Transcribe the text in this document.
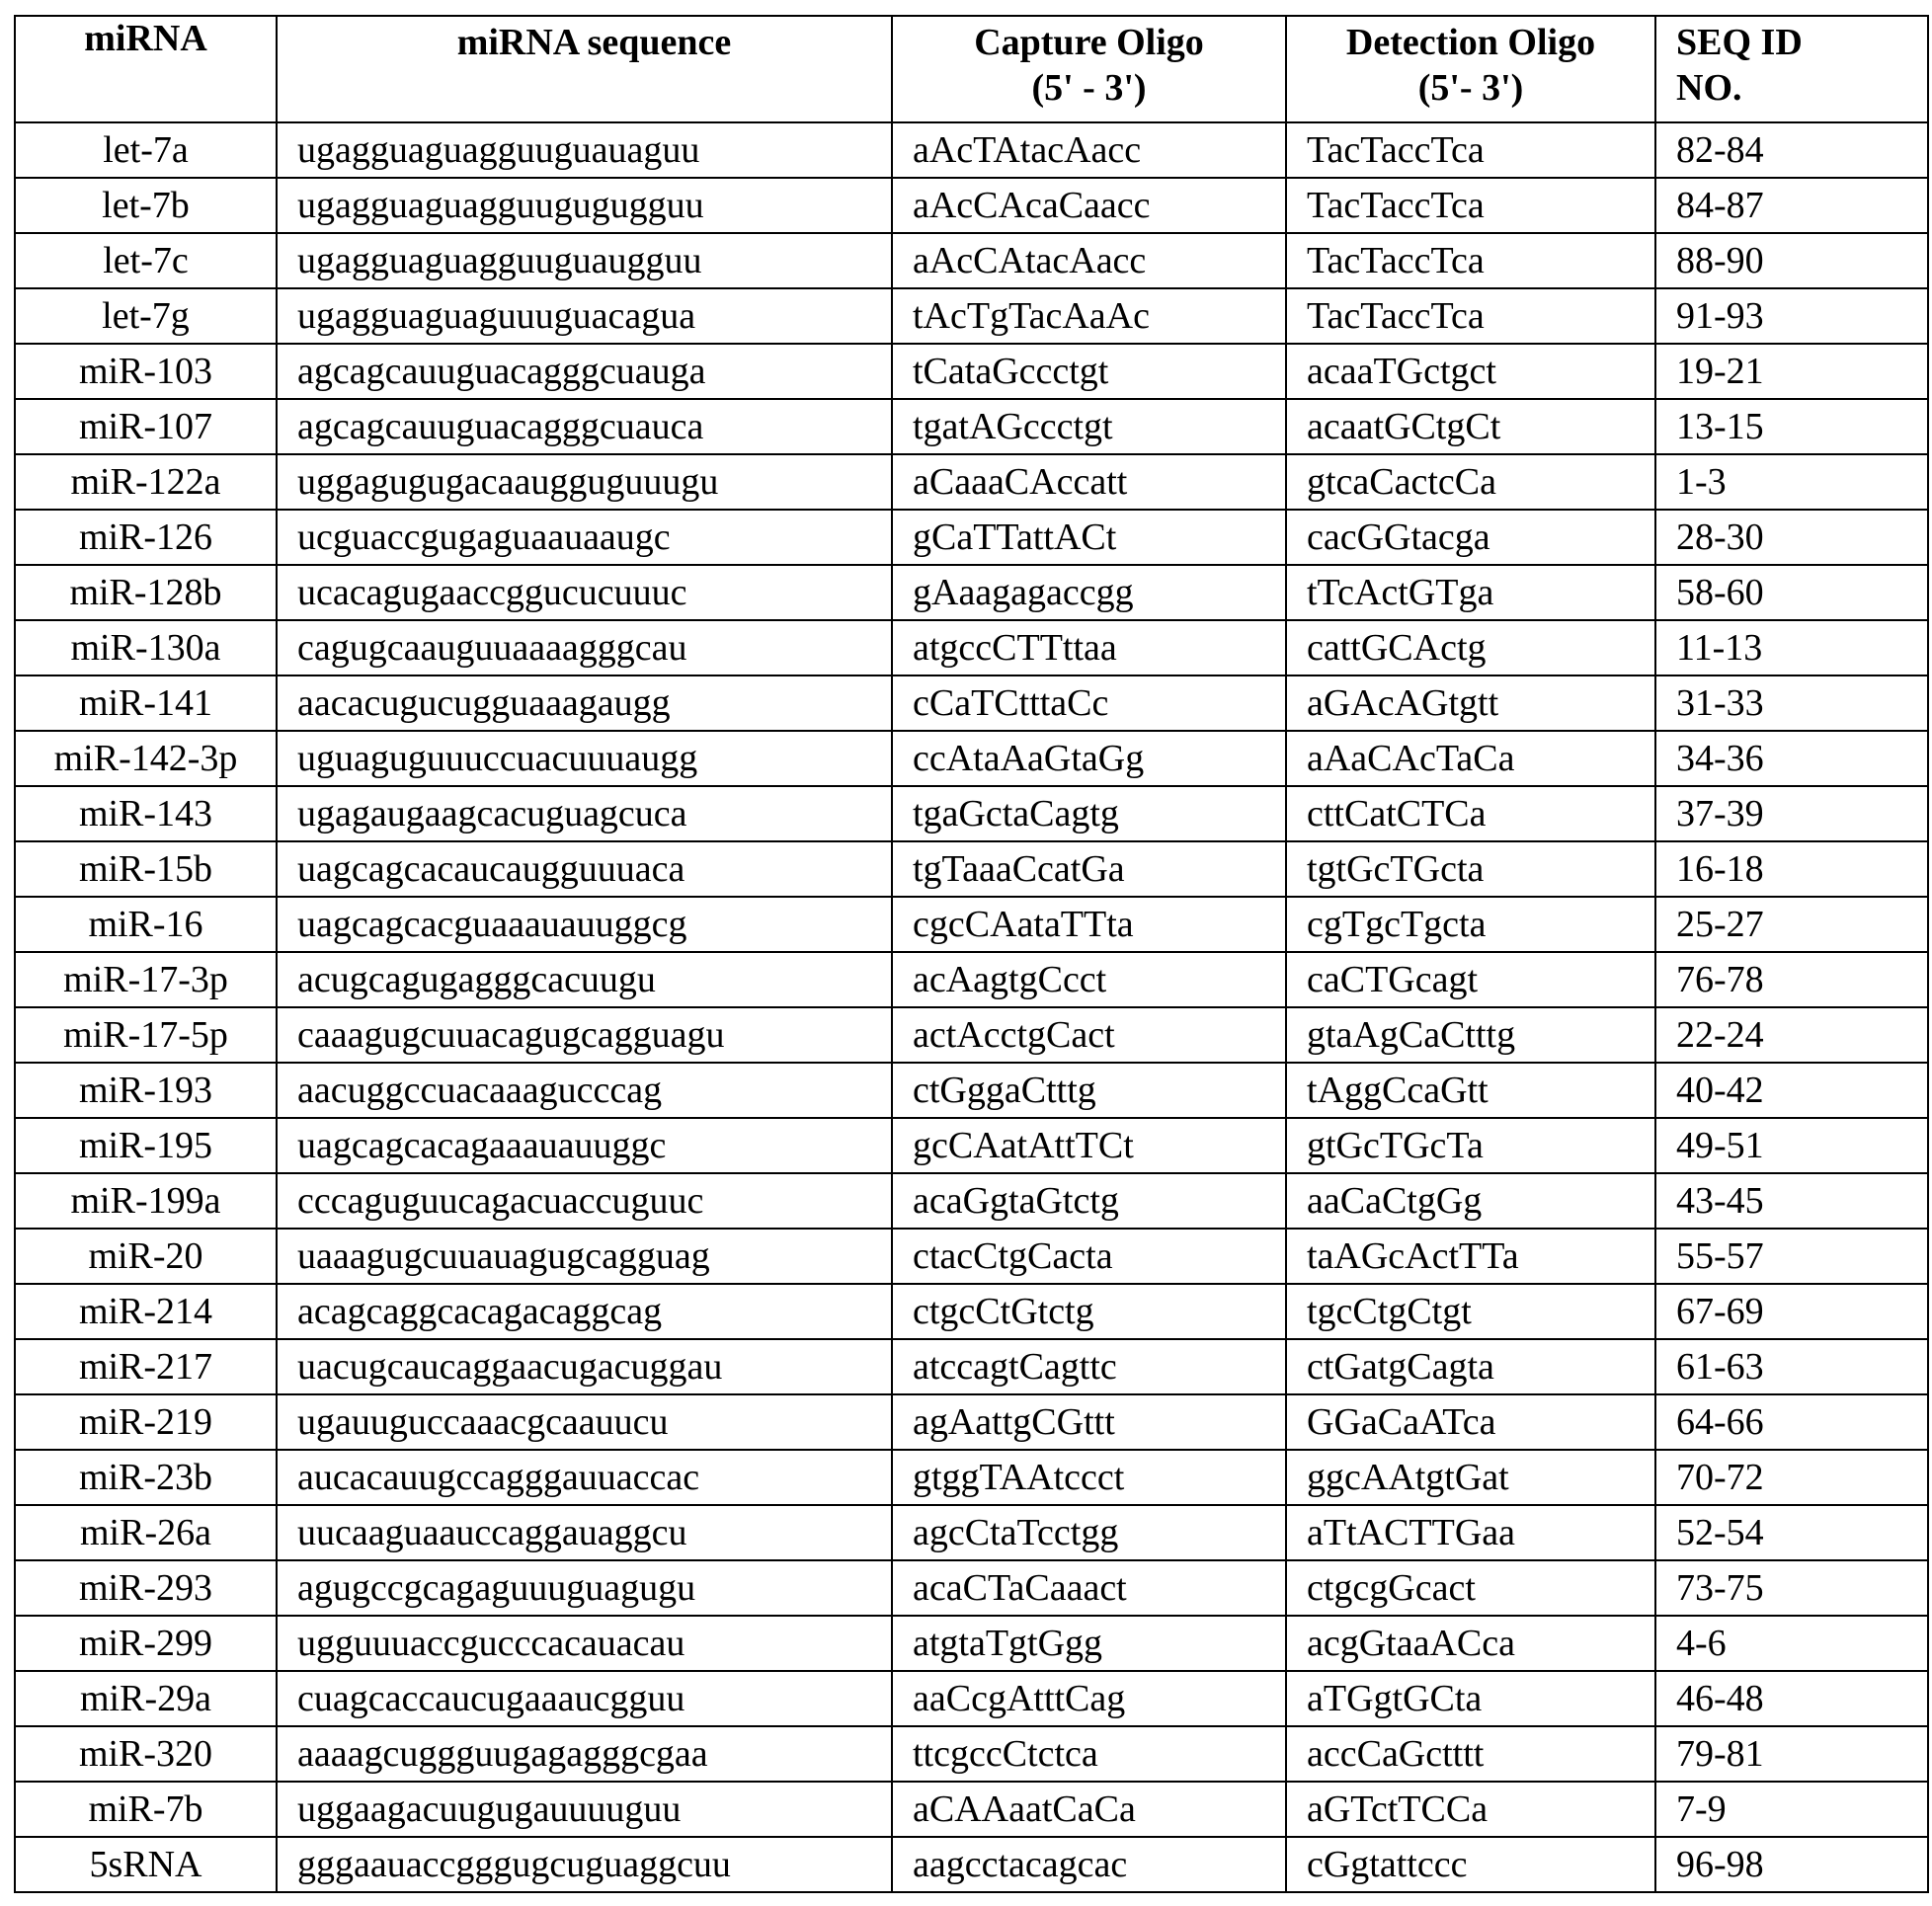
miRNA	miRNA sequence	Capture Oligo
(5' - 3')

Detection Oligo
(5'- 3')

SEQ ID
NO.

let-7a	ugagguaguagguuguauaguu	aAcTAtacAacc	TacTaccTca	82-84
let-7b	ugagguaguagguugugugguu	aAcCAcaCaacc	TacTaccTca	84-87
let-7c	ugagguaguagguuguaugguu	aAcCAtacAacc	TacTaccTca	88-90
let-7g	ugagguaguaguuuguacagua	tAcTgTacAaAc	TacTaccTca	91-93
miR-103	agcagcauuguacagggcuauga	tCataGccctgt	acaaTGctgct	19-21
miR-107	agcagcauuguacagggcuauca	tgatAGccctgt	acaatGCtgCt	13-15
miR-122a	uggagugugacaaugguguuugu	aCaaaCAccatt	gtcaCactcCa	1-3
miR-126	ucguaccgugaguaauaaugc	gCaTTattACt	cacGGtacga	28-30
miR-128b	ucacagugaaccggucucuuuc	gAaagagaccgg	tTcActGTga	58-60
miR-130a	cagugcaauguuaaaagggcau	atgccCTTttaa	cattGCActg	11-13
miR-141	aacacugucugguaaagaugg	cCaTCtttaCc	aGAcAGtgtt	31-33
miR-142-3p	uguaguguuuccuacuuuaugg	ccAtaAaGtaGg	aAaCAcTaCa	34-36
miR-143	ugagaugaagcacuguagcuca	tgaGctaCagtg	cttCatCTCa	37-39
miR-15b	uagcagcacaucaugguuuaca	tgTaaaCcatGa	tgtGcTGcta	16-18
miR-16	uagcagcacguaaauauuggcg	cgcCAataTTta	cgTgcTgcta	25-27
miR-17-3p	acugcagugagggcacuugu	acAagtgCcct	caCTGcagt	76-78
miR-17-5p	caaagugcuuacagugcagguagu	actAcctgCact	gtaAgCaCtttg	22-24
miR-193	aacuggccuacaaagucccag	ctGggaCtttg	tAggCcaGtt	40-42
miR-195	uagcagcacagaaauauuggc	gcCAatAttTCt	gtGcTGcTa	49-51
miR-199a	cccaguguucagacuaccuguuc	acaGgtaGtctg	aaCaCtgGg	43-45
miR-20	uaaagugcuuauagugcagguag	ctacCtgCacta	taAGcActTTa	55-57
miR-214	acagcaggcacagacaggcag	ctgcCtGtctg	tgcCtgCtgt	67-69
miR-217	uacugcaucaggaacugacuggau	atccagtCagttc	ctGatgCagta	61-63
miR-219	ugauuguccaaacgcaauucu	agAattgCGttt	GGaCaATca	64-66
miR-23b	aucacauugccagggauuaccac	gtggTAAtccct	ggcAAtgtGat	70-72
miR-26a	uucaaguaauccaggauaggcu	agcCtaTcctgg	aTtACTTGaa	52-54
miR-293	agugccgcagaguuuguagugu	acaCTaCaaact	ctgcgGcact	73-75
miR-299	ugguuuaccgucccacauacau	atgtaTgtGgg	acgGtaaACca	4-6
miR-29a	cuagcaccaucugaaaucgguu	aaCcgAtttCag	aTGgtGCta	46-48
miR-320	aaaagcuggguugagagggcgaa	ttcgccCtctca	accCaGctttt	79-81
miR-7b	uggaagacuugugauuuuguu	aCAAaatCaCa	aGTctTCCa	7-9
5sRNA	gggaauaccgggugcuguaggcuu	aagcctacagcac	cGgtattccc	96-98
